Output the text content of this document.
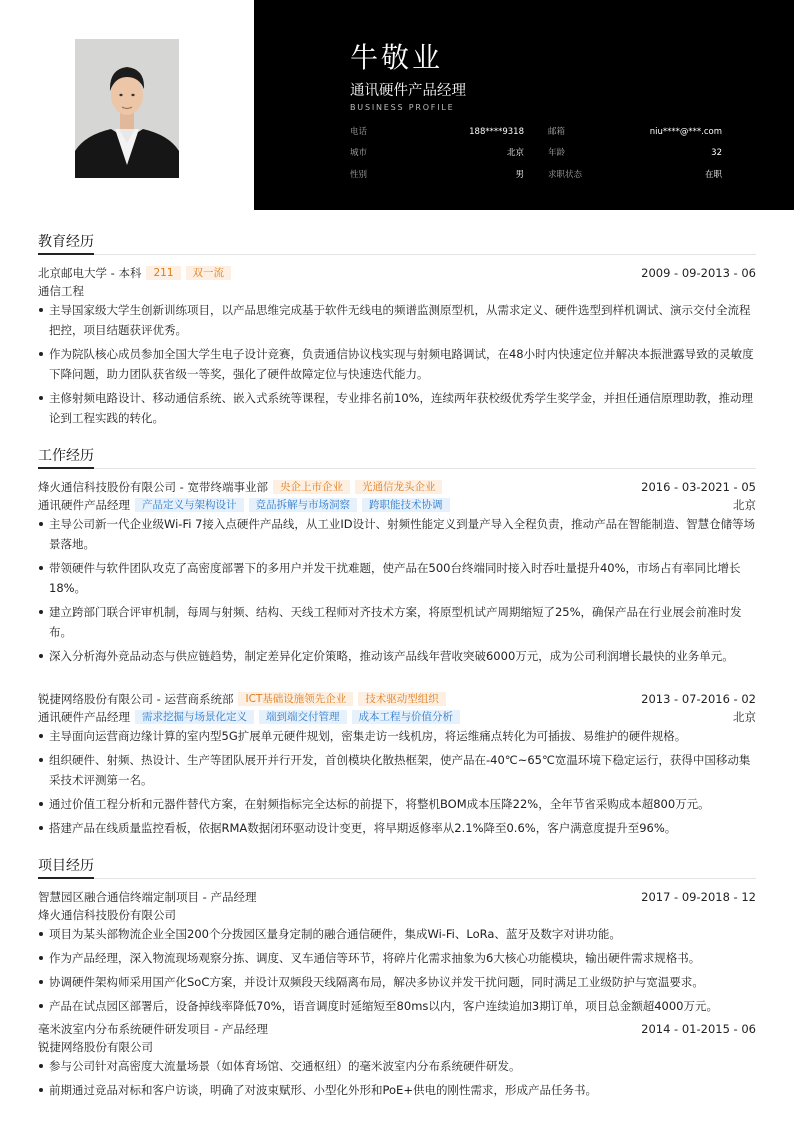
牛敬业
通讯硬件产品经理
BUSINESS PROFILE
电话	188****9318
城市	北京
性别	男
邮箱	niu****@***.com
年龄	32
求职状态	在职
教育经历
北京邮电大学 - 本科	211	双一流	2009 - 09-2013 - 06
通信工程
主导国家级大学生创新训练项目，以产品思维完成基于软件无线电的频谱监测原型机，从需求定义、硬件选型到样机调试、演示交付全流程把控，项目结题获评优秀。
作为院队核心成员参加全国大学生电子设计竞赛，负责通信协议栈实现与射频电路调试，在48小时内快速定位并解决本振泄露导致的灵敏度下降问题，助力团队获省级一等奖，强化了硬件故障定位与快速迭代能力。
主修射频电路设计、移动通信系统、嵌入式系统等课程，专业排名前10%，连续两年获校级优秀学生奖学金，并担任通信原理助教，推动理论到工程实践的转化。
工作经历
烽火通信科技股份有限公司 - 宽带终端事业部	央企上市企业	光通信龙头企业	2016 - 03-2021 - 05
通讯硬件产品经理	产品定义与架构设计	竞品拆解与市场洞察	跨职能技术协调	北京
主导公司新一代企业级Wi-Fi 7接入点硬件产品线，从工业ID设计、射频性能定义到量产导入全程负责，推动产品在智能制造、智慧仓储等场景落地。
带领硬件与软件团队攻克了高密度部署下的多用户并发干扰难题，使产品在500台终端同时接入时吞吐量提升40%，市场占有率同比增长18%。
建立跨部门联合评审机制，每周与射频、结构、天线工程师对齐技术方案，将原型机试产周期缩短了25%，确保产品在行业展会前准时发布。
深入分析海外竞品动态与供应链趋势，制定差异化定价策略，推动该产品线年营收突破6000万元，成为公司利润增长最快的业务单元。
锐捷网络股份有限公司 - 运营商系统部	ICT基础设施领先企业	技术驱动型组织	2013 - 07-2016 - 02
通讯硬件产品经理	需求挖掘与场景化定义	端到端交付管理	成本工程与价值分析	北京
主导面向运营商边缘计算的室内型5G扩展单元硬件规划，密集走访一线机房，将运维痛点转化为可插拔、易维护的硬件规格。
组织硬件、射频、热设计、生产等团队展开并行开发，首创模块化散热框架，使产品在-40℃~65℃宽温环境下稳定运行，获得中国移动集采技术评测第一名。
通过价值工程分析和元器件替代方案，在射频指标完全达标的前提下，将整机BOM成本压降22%，全年节省采购成本超800万元。
搭建产品在线质量监控看板，依据RMA数据闭环驱动设计变更，将早期返修率从2.1%降至0.6%，客户满意度提升至96%。
项目经历
智慧园区融合通信终端定制项目 - 产品经理	2017 - 09-2018 - 12
烽火通信科技股份有限公司
项目为某头部物流企业全国200个分拨园区量身定制的融合通信硬件，集成Wi-Fi、LoRa、蓝牙及数字对讲功能。
作为产品经理，深入物流现场观察分拣、调度、叉车通信等环节，将碎片化需求抽象为6大核心功能模块，输出硬件需求规格书。
协调硬件架构师采用国产化SoC方案，并设计双频段天线隔离布局，解决多协议并发干扰问题，同时满足工业级防护与宽温要求。
产品在试点园区部署后，设备掉线率降低70%，语音调度时延缩短至80ms以内，客户连续追加3期订单，项目总金额超4000万元。
毫米波室内分布系统硬件研发项目 - 产品经理	2014 - 01-2015 - 06
锐捷网络股份有限公司
参与公司针对高密度大流量场景（如体育场馆、交通枢纽）的毫米波室内分布系统硬件研发。
前期通过竞品对标和客户访谈，明确了对波束赋形、小型化外形和PoE+供电的刚性需求，形成产品任务书。
